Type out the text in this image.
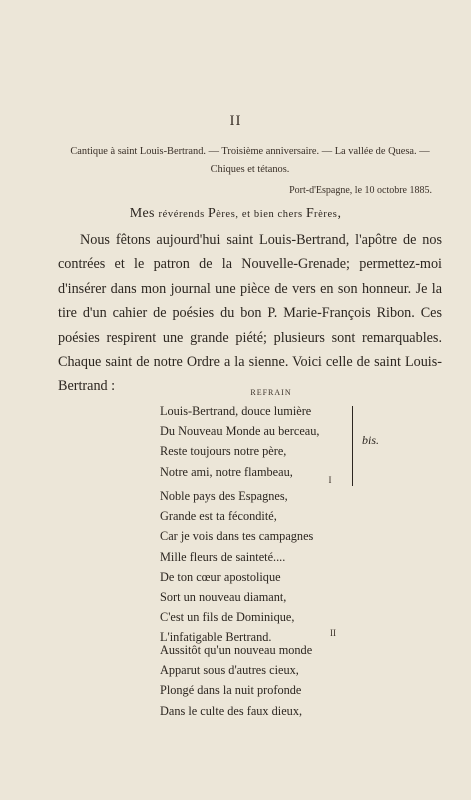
II
Cantique à saint Louis-Bertrand. — Troisième anniversaire. — La vallée de Quesa. — Chiques et tétanos.
Port-d'Espagne, le 10 octobre 1885.
Mes révérends Pères, et bien chers Frères,

Nous fêtons aujourd'hui saint Louis-Bertrand, l'apôtre de nos contrées et le patron de la Nouvelle-Grenade; permettez-moi d'insérer dans mon journal une pièce de vers en son honneur. Je la tire d'un cahier de poésies du bon P. Marie-François Ribon. Ces poésies respirent une grande piété; plusieurs sont remarquables. Chaque saint de notre Ordre a la sienne. Voici celle de saint Louis-Bertrand :	REFRAIN
Louis-Bertrand, douce lumière
Du Nouveau Monde au berceau,
Reste toujours notre père,
Notre ami, notre flambeau,
bis.
I
Noble pays des Espagnes,
Grande est ta fécondité,
Car je vois dans tes campagnes
Mille fleurs de sainteté....
De ton cœur apostolique
Sort un nouveau diamant,
C'est un fils de Dominique,
L'infatigable Bertrand.	II
Aussitôt qu'un nouveau monde
Apparut sous d'autres cieux,
Plongé dans la nuit profonde
Dans le culte des faux dieux,
